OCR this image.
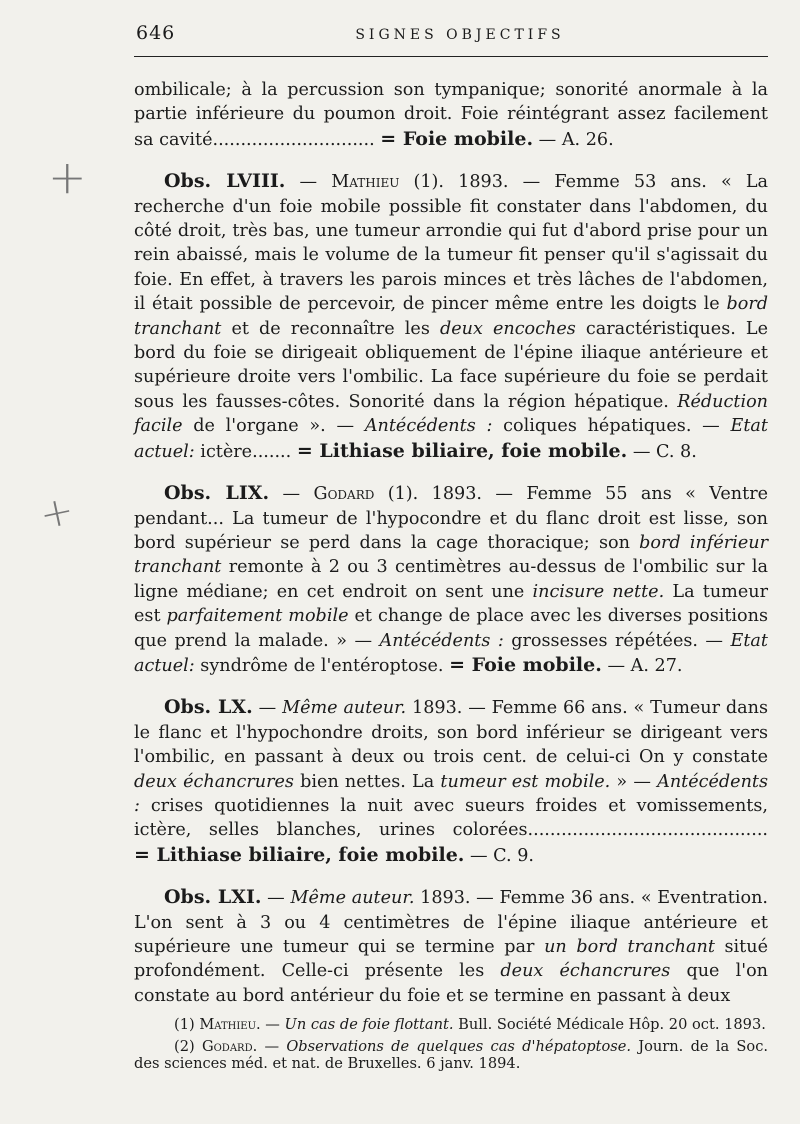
646	SIGNES OBJECTIFS
+
+

ombilicale; à la percussion son tympanique; sonorité anormale à la partie inférieure du poumon droit. Foie réintégrant assez facilement sa cavité............................. = Foie mobile. — A. 26.

Obs. LVIII. — Mathieu (1). 1893. — Femme 53 ans. « La recherche d'un foie mobile possible fit constater dans l'abdomen, du côté droit, très bas, une tumeur arrondie qui fut d'abord prise pour un rein abaissé, mais le volume de la tumeur fit penser qu'il s'agissait du foie. En effet, à travers les parois minces et très lâches de l'abdomen, il était possible de percevoir, de pincer même entre les doigts le bord tranchant et de reconnaître les deux encoches caractéristiques. Le bord du foie se dirigeait obliquement de l'épine iliaque antérieure et supérieure droite vers l'ombilic. La face supérieure du foie se perdait sous les fausses-côtes. Sonorité dans la région hépatique. Réduction facile de l'organe ». — Antécédents : coliques hépatiques. — Etat actuel: ictère....... = Lithiase biliaire, foie mobile. — C. 8.

Obs. LIX. — Godard (1). 1893. — Femme 55 ans « Ventre pendant... La tumeur de l'hypocondre et du flanc droit est lisse, son bord supérieur se perd dans la cage thoracique; son bord inférieur tranchant remonte à 2 ou 3 centimètres au-dessus de l'ombilic sur la ligne médiane; en cet endroit on sent une incisure nette. La tumeur est parfaitement mobile et change de place avec les diverses positions que prend la malade. » — Antécédents : grossesses répétées. — Etat actuel: syndrôme de l'entéroptose. = Foie mobile. — A. 27.

Obs. LX. — Même auteur. 1893. — Femme 66 ans. « Tumeur dans le flanc et l'hypochondre droits, son bord inférieur se dirigeant vers l'ombilic, en passant à deux ou trois cent. de celui-ci On y constate deux échancrures bien nettes. La tumeur est mobile. » — Antécédents : crises quotidiennes la nuit avec sueurs froides et vomissements, ictère, selles blanches, urines colorées........................................... = Lithiase biliaire, foie mobile. — C. 9.

Obs. LXI. — Même auteur. 1893. — Femme 36 ans. « Eventration. L'on sent à 3 ou 4 centimètres de l'épine iliaque antérieure et supérieure une tumeur qui se termine par un bord tranchant situé profondément. Celle-ci présente les deux échancrures que l'on constate au bord antérieur du foie et se termine en passant à deux

(1) Mathieu. — Un cas de foie flottant. Bull. Société Médicale Hôp. 20 oct. 1893.

(2) Godard. — Observations de quelques cas d'hépatoptose. Journ. de la Soc. des sciences méd. et nat. de Bruxelles. 6 janv. 1894.
